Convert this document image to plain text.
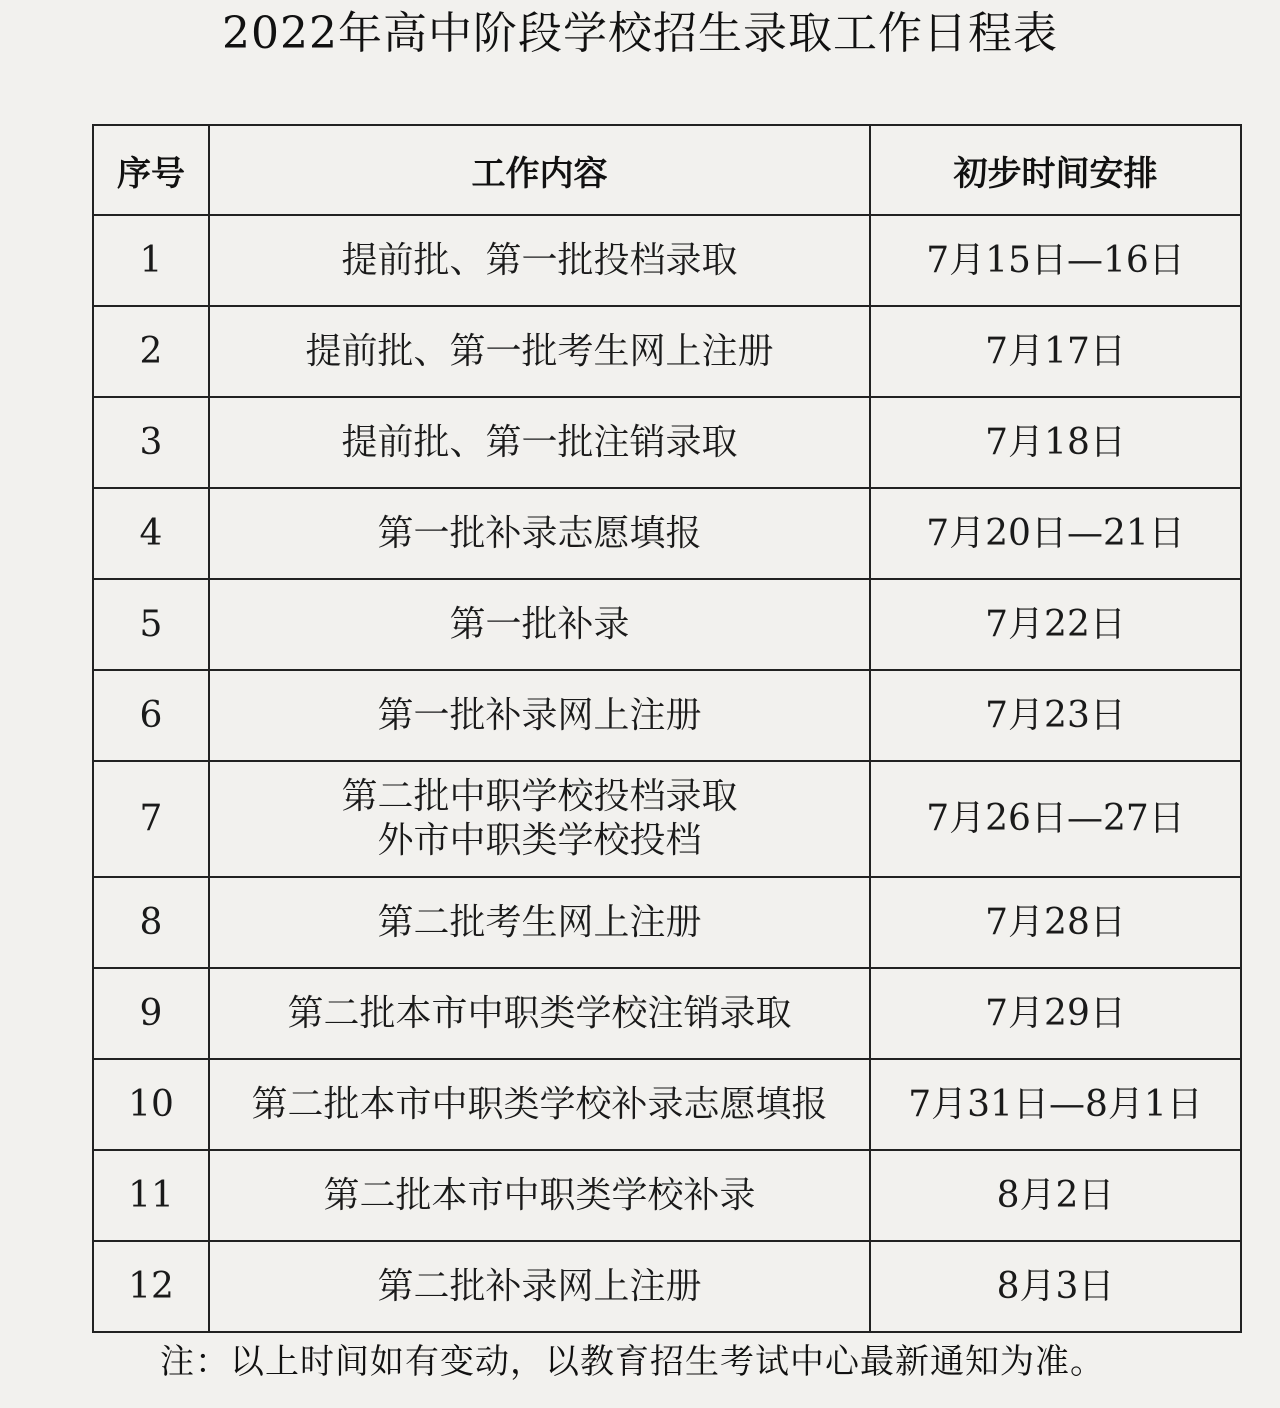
2022年高中阶段学校招生录取工作日程表
序号	工作内容	初步时间安排
1	提前批、第一批投档录取	7月15日—16日
2	提前批、第一批考生网上注册	7月17日
3	提前批、第一批注销录取	7月18日
4	第一批补录志愿填报	7月20日—21日
5	第一批补录	7月22日
6	第一批补录网上注册	7月23日
7	第二批中职学校投档录取
外市中职类学校投档	7月26日—27日
8	第二批考生网上注册	7月28日
9	第二批本市中职类学校注销录取	7月29日
10	第二批本市中职类学校补录志愿填报	7月31日—8月1日
11	第二批本市中职类学校补录	8月2日
12	第二批补录网上注册	8月3日
注：以上时间如有变动，以教育招生考试中心最新通知为准。
